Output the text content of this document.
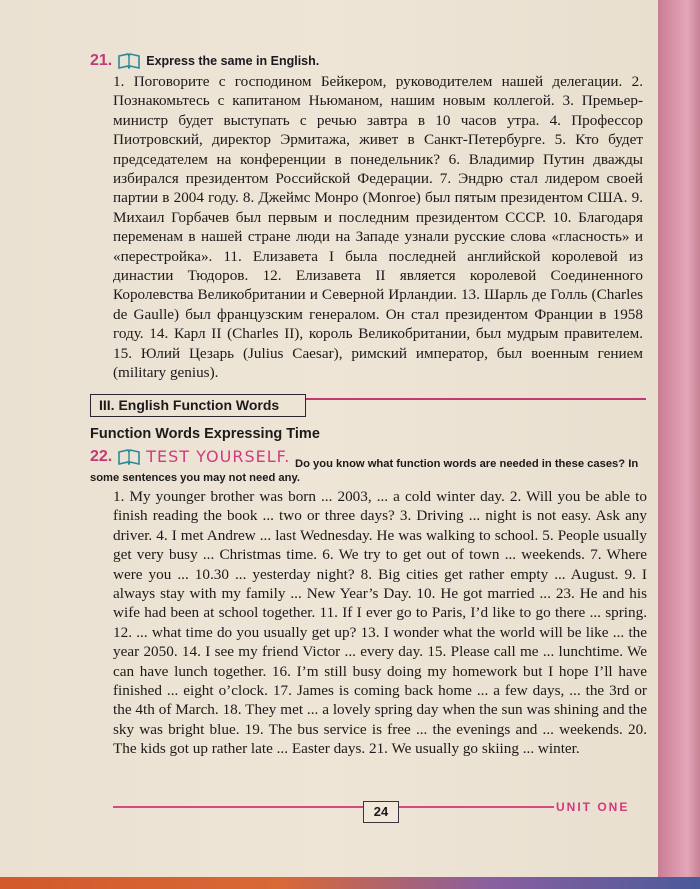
21.	Express the same in English.
1. Поговорите с господином Бейкером, руководителем нашей делегации. 2. Познакомьтесь с капитаном Ньюманом, нашим новым коллегой. 3. Премьер-министр будет выступать с речью завтра в 10 часов утра. 4. Профессор Пиотровский, директор Эрмитажа, живет в Санкт-Петербурге. 5. Кто будет председателем на конференции в понедельник? 6. Владимир Путин дважды избирался президентом Российской Федерации. 7. Эндрю стал лидером своей партии в 2004 году. 8. Джеймс Монро (Monroe) был пятым президентом США. 9. Михаил Горбачев был первым и последним президентом СССР. 10. Благодаря переменам в нашей стране люди на Западе узнали русские слова «гласность» и «перестройка». 11. Елизавета I была последней английской королевой из династии Тюдоров. 12. Елизавета II является королевой Соединенного Королевства Великобритании и Северной Ирландии. 13. Шарль де Голль (Charles de Gaulle) был французским генералом. Он стал президентом Франции в 1958 году. 14. Карл II (Charles II), король Великобритании, был мудрым правителем. 15. Юлий Цезарь (Julius Caesar), римский император, был военным гением (military genius).
III. English Function Words
Function Words Expressing Time
22. TEST YOURSELF. Do you know what function words are needed in these cases? In some sentences you may not need any.
1. My younger brother was born ... 2003, ... a cold winter day. 2. Will you be able to finish reading the book ... two or three days? 3. Driving ... night is not easy. Ask any driver. 4. I met Andrew ... last Wednesday. He was walking to school. 5. People usually get very busy ... Christmas time. 6. We try to get out of town ... weekends. 7. Where were you ... 10.30 ... yesterday night? 8. Big cities get rather empty ... August. 9. I always stay with my family ... New Year’s Day. 10. He got married ... 23. He and his wife had been at school together. 11. If I ever go to Paris, I’d like to go there ... spring. 12. ... what time do you usually get up? 13. I wonder what the world will be like ... the year 2050. 14. I see my friend Victor ... every day. 15. Please call me ... lunchtime. We can have lunch together. 16. I’m still busy doing my homework but I hope I’ll have finished ... eight o’clock. 17. James is coming back home ... a few days, ... the 3rd or the 4th of March. 18. They met ... a lovely spring day when the sun was shining and the sky was bright blue. 19. The bus service is free ... the evenings and ... weekends. 20. The kids got up rather late ... Easter days. 21. We usually go skiing ... winter.
24	UNIT ONE
